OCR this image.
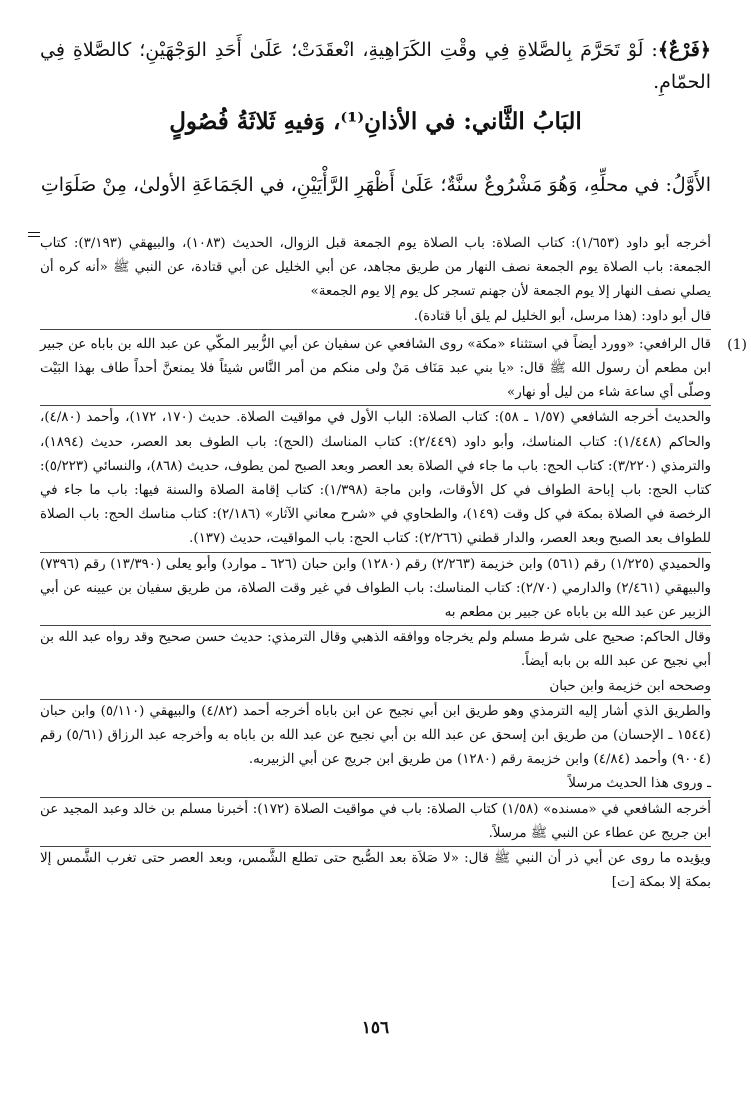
﴿فَرْعٌ﴾: لَوْ تَحَرَّمَ بِالصَّلاةِ فِي وقْتِ الكَرَاهِيةِ، انْعقَدَتْ؛ عَلَىٰ أَحَدِ الوَجْهَيْنِ؛ كالصَّلاةِ فِي الحمّامِ.
البَابُ الثَّاني: في الأذانِ⁽¹⁾، وَفيهِ ثَلاثَةُ فُصُولٍ
الأَوَّلُ: في محلِّهِ، وَهُوَ مَشْرُوعٌ سنَّةٌ؛ عَلَىٰ أَظْهَرِ الرَّأْيَيْنِ، في الجَمَاعَةِ الأولىٰ، مِنْ صَلَوَاتِ

أخرجه أبو داود (١/٦٥٣): كتاب الصلاة: باب الصلاة يوم الجمعة قبل الزوال، الحديث (١٠٨٣)، والبيهقي (٣/١٩٣): كتاب الجمعة: باب الصلاة يوم الجمعة نصف النهار من طريق مجاهد، عن أبي الخليل عن أبي قتادة، عن النبي ﷺ «أنه كره أن يصلي نصف النهار إلا يوم الجمعة لأن جهنم تسجر كل يوم إلا يوم الجمعة»

قال أبو داود: (هذا مرسل، أبو الخليل لم يلق أبا قتادة).

(1)

قال الرافعي: «وورد أيضاً في استثناء «مكة» روى الشافعي عن سفيان عن أبي الزُّبير المكّي عن عبد الله بن باباه عن جبير ابن مطعم أن رسول الله ﷺ قال: «يا بني عبد مَنَاف مَنْ ولى منكم من أمر النَّاس شيئاً فلا يمنعنَّ أحداً طاف بهذا البَيْت وصلّى أي ساعة شاء من ليل أو نهار»

والحديث أخرجه الشافعي (١/٥٧ ـ ٥٨): كتاب الصلاة: الباب الأول في مواقيت الصلاة. حديث (١٧٠، ١٧٢)، وأحمد (٤/٨٠)، والحاكم (١/٤٤٨): كتاب المناسك، وأبو داود (٢/٤٤٩): كتاب المناسك (الحج): باب الطوف بعد العصر، حديث (١٨٩٤)، والترمذي (٣/٢٢٠): كتاب الحج: باب ما جاء في الصلاة بعد العصر وبعد الصبح لمن يطوف، حديث (٨٦٨)، والنسائي (٥/٢٢٣): كتاب الحج: باب إباحة الطواف في كل الأوقات، وابن ماجة (١/٣٩٨): كتاب إقامة الصلاة والسنة فيها: باب ما جاء في الرخصة في الصلاة بمكة في كل وقت (١٤٩)، والطحاوي في «شرح معاني الآثار» (٢/١٨٦): كتاب مناسك الحج: باب الصلاة للطواف بعد الصبح وبعد العصر، والدار قطني (٢/٢٦٦): كتاب الحج: باب المواقيت، حديث (١٣٧).

والحميدي (١/٢٢٥) رقم (٥٦١) وابن خزيمة (٢/٢٦٣) رقم (١٢٨٠) وابن حبان (٦٢٦ ـ موارد) وأبو يعلى (١٣/٣٩٠) رقم (٧٣٩٦) والبيهقي (٢/٤٦١) والدارمي (٢/٧٠): كتاب المناسك: باب الطواف في غير وقت الصلاة، من طريق سفيان بن عيينه عن أبي الزبير عن عبد الله بن باباه عن جبير بن مطعم به

وقال الحاكم: صحيح على شرط مسلم ولم يخرجاه ووافقه الذهبي وقال الترمذي: حديث حسن صحيح وقد رواه عبد الله بن أبي نجيح عن عبد الله بن بابه أيضاً.

وصححه ابن خزيمة وابن حبان

والطريق الذي أشار إليه الترمذي وهو طريق ابن أبي نجيح عن ابن باباه أخرجه أحمد (٤/٨٢) والبيهقي (٥/١١٠) وابن حبان (١٥٤٤ ـ الإحسان) من طريق ابن إسحق عن عبد الله بن أبي نجيح عن عبد الله بن باباه به وأخرجه عبد الرزاق (٥/٦١) رقم (٩٠٠٤) وأحمد (٤/٨٤) وابن خزيمة رقم (١٢٨٠) من طريق ابن جريج عن أبي الزبيربه.

ـ وروى هذا الحديث مرسلاً

أخرجه الشافعي في «مسنده» (١/٥٨) كتاب الصلاة: باب في مواقيت الصلاة (١٧٢): أخبرنا مسلم بن خالد وعبد المجيد عن ابن جريج عن عطاء عن النبي ﷺ مرسلاً.

ويؤيده ما روى عن أبي ذر أن النبي ﷺ قال: «لا صَلاَة بعد الصُّبح حتى تطلع الشَّمس، وبعد العصر حتى تغرب الشَّمس إلا بمكة إلا بمكة [ت]

١٥٦
